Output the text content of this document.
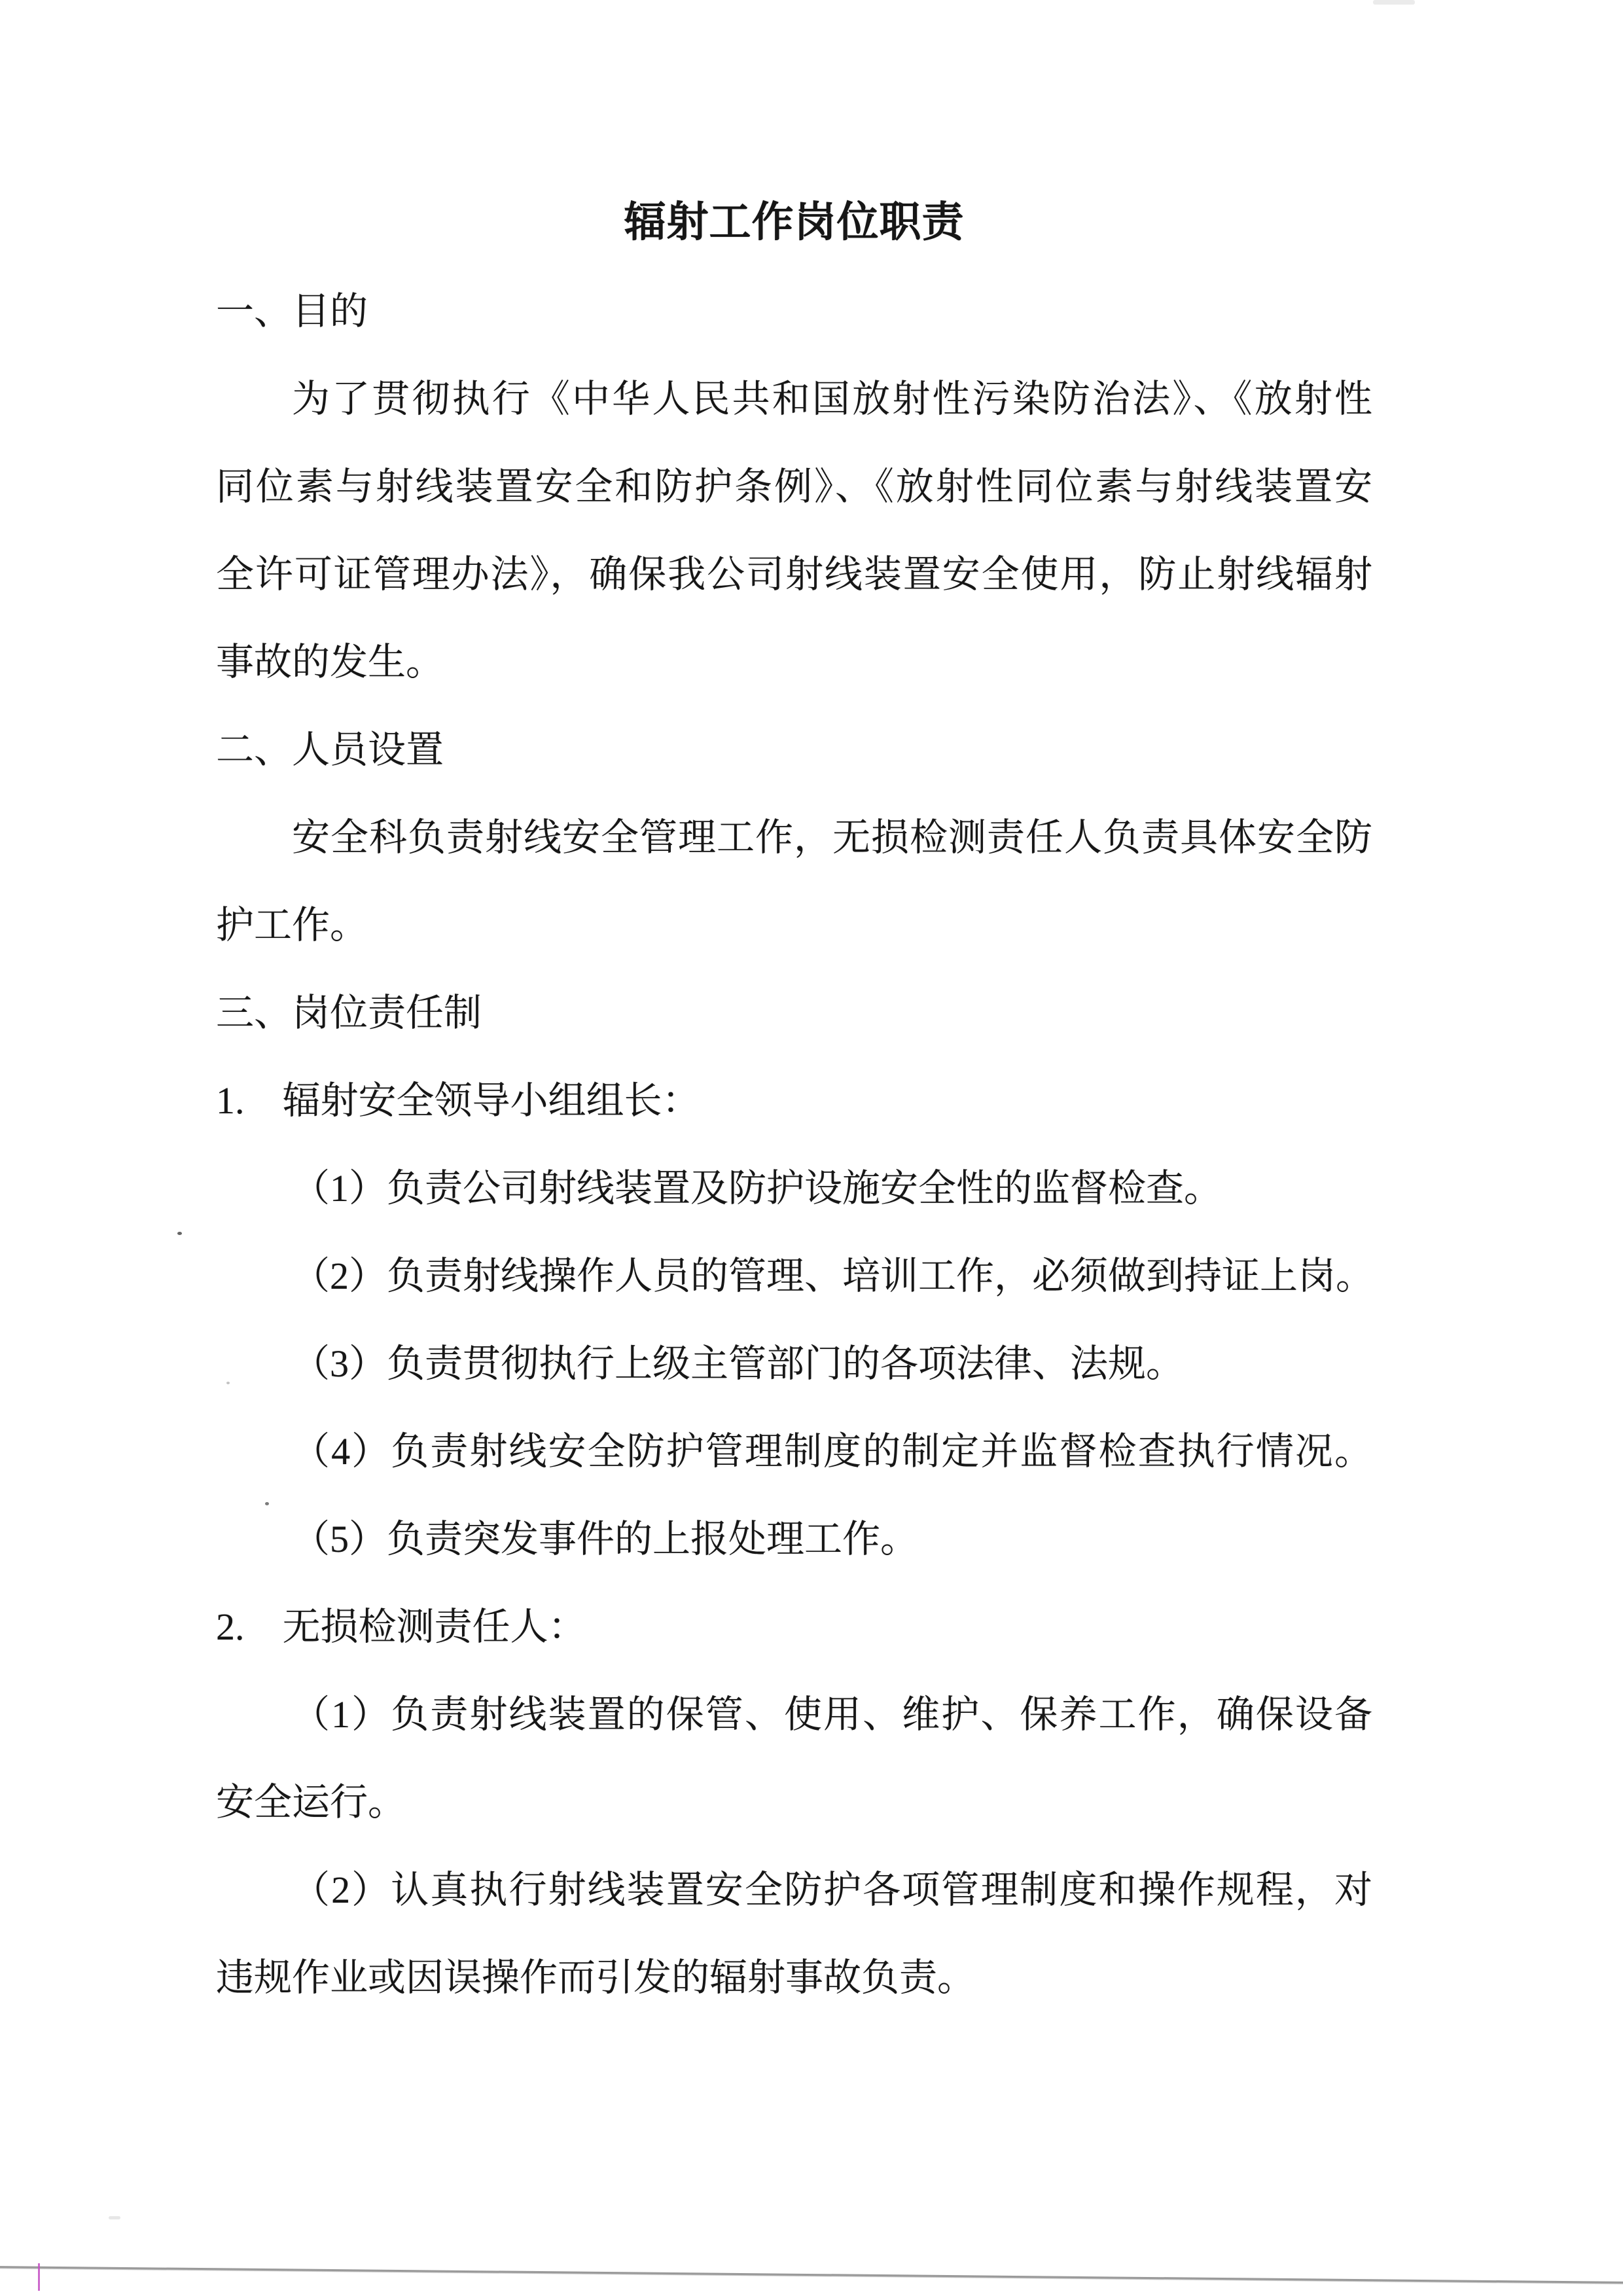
辐射工作岗位职责
一、目的
为了贯彻执行《中华人民共和国放射性污染防治法》、《放射性
同位素与射线装置安全和防护条例》、《放射性同位素与射线装置安
全许可证管理办法》，确保我公司射线装置安全使用，防止射线辐射
事故的发生。
二、人员设置
安全科负责射线安全管理工作，无损检测责任人负责具体安全防
护工作。
三、岗位责任制
1.　辐射安全领导小组组长：
（1）负责公司射线装置及防护设施安全性的监督检查。
（2）负责射线操作人员的管理、培训工作，必须做到持证上岗。
（3）负责贯彻执行上级主管部门的各项法律、法规。
（4）负责射线安全防护管理制度的制定并监督检查执行情况。
（5）负责突发事件的上报处理工作。
2.　无损检测责任人：
（1）负责射线装置的保管、使用、维护、保养工作，确保设备
安全运行。
（2）认真执行射线装置安全防护各项管理制度和操作规程，对
违规作业或因误操作而引发的辐射事故负责。
